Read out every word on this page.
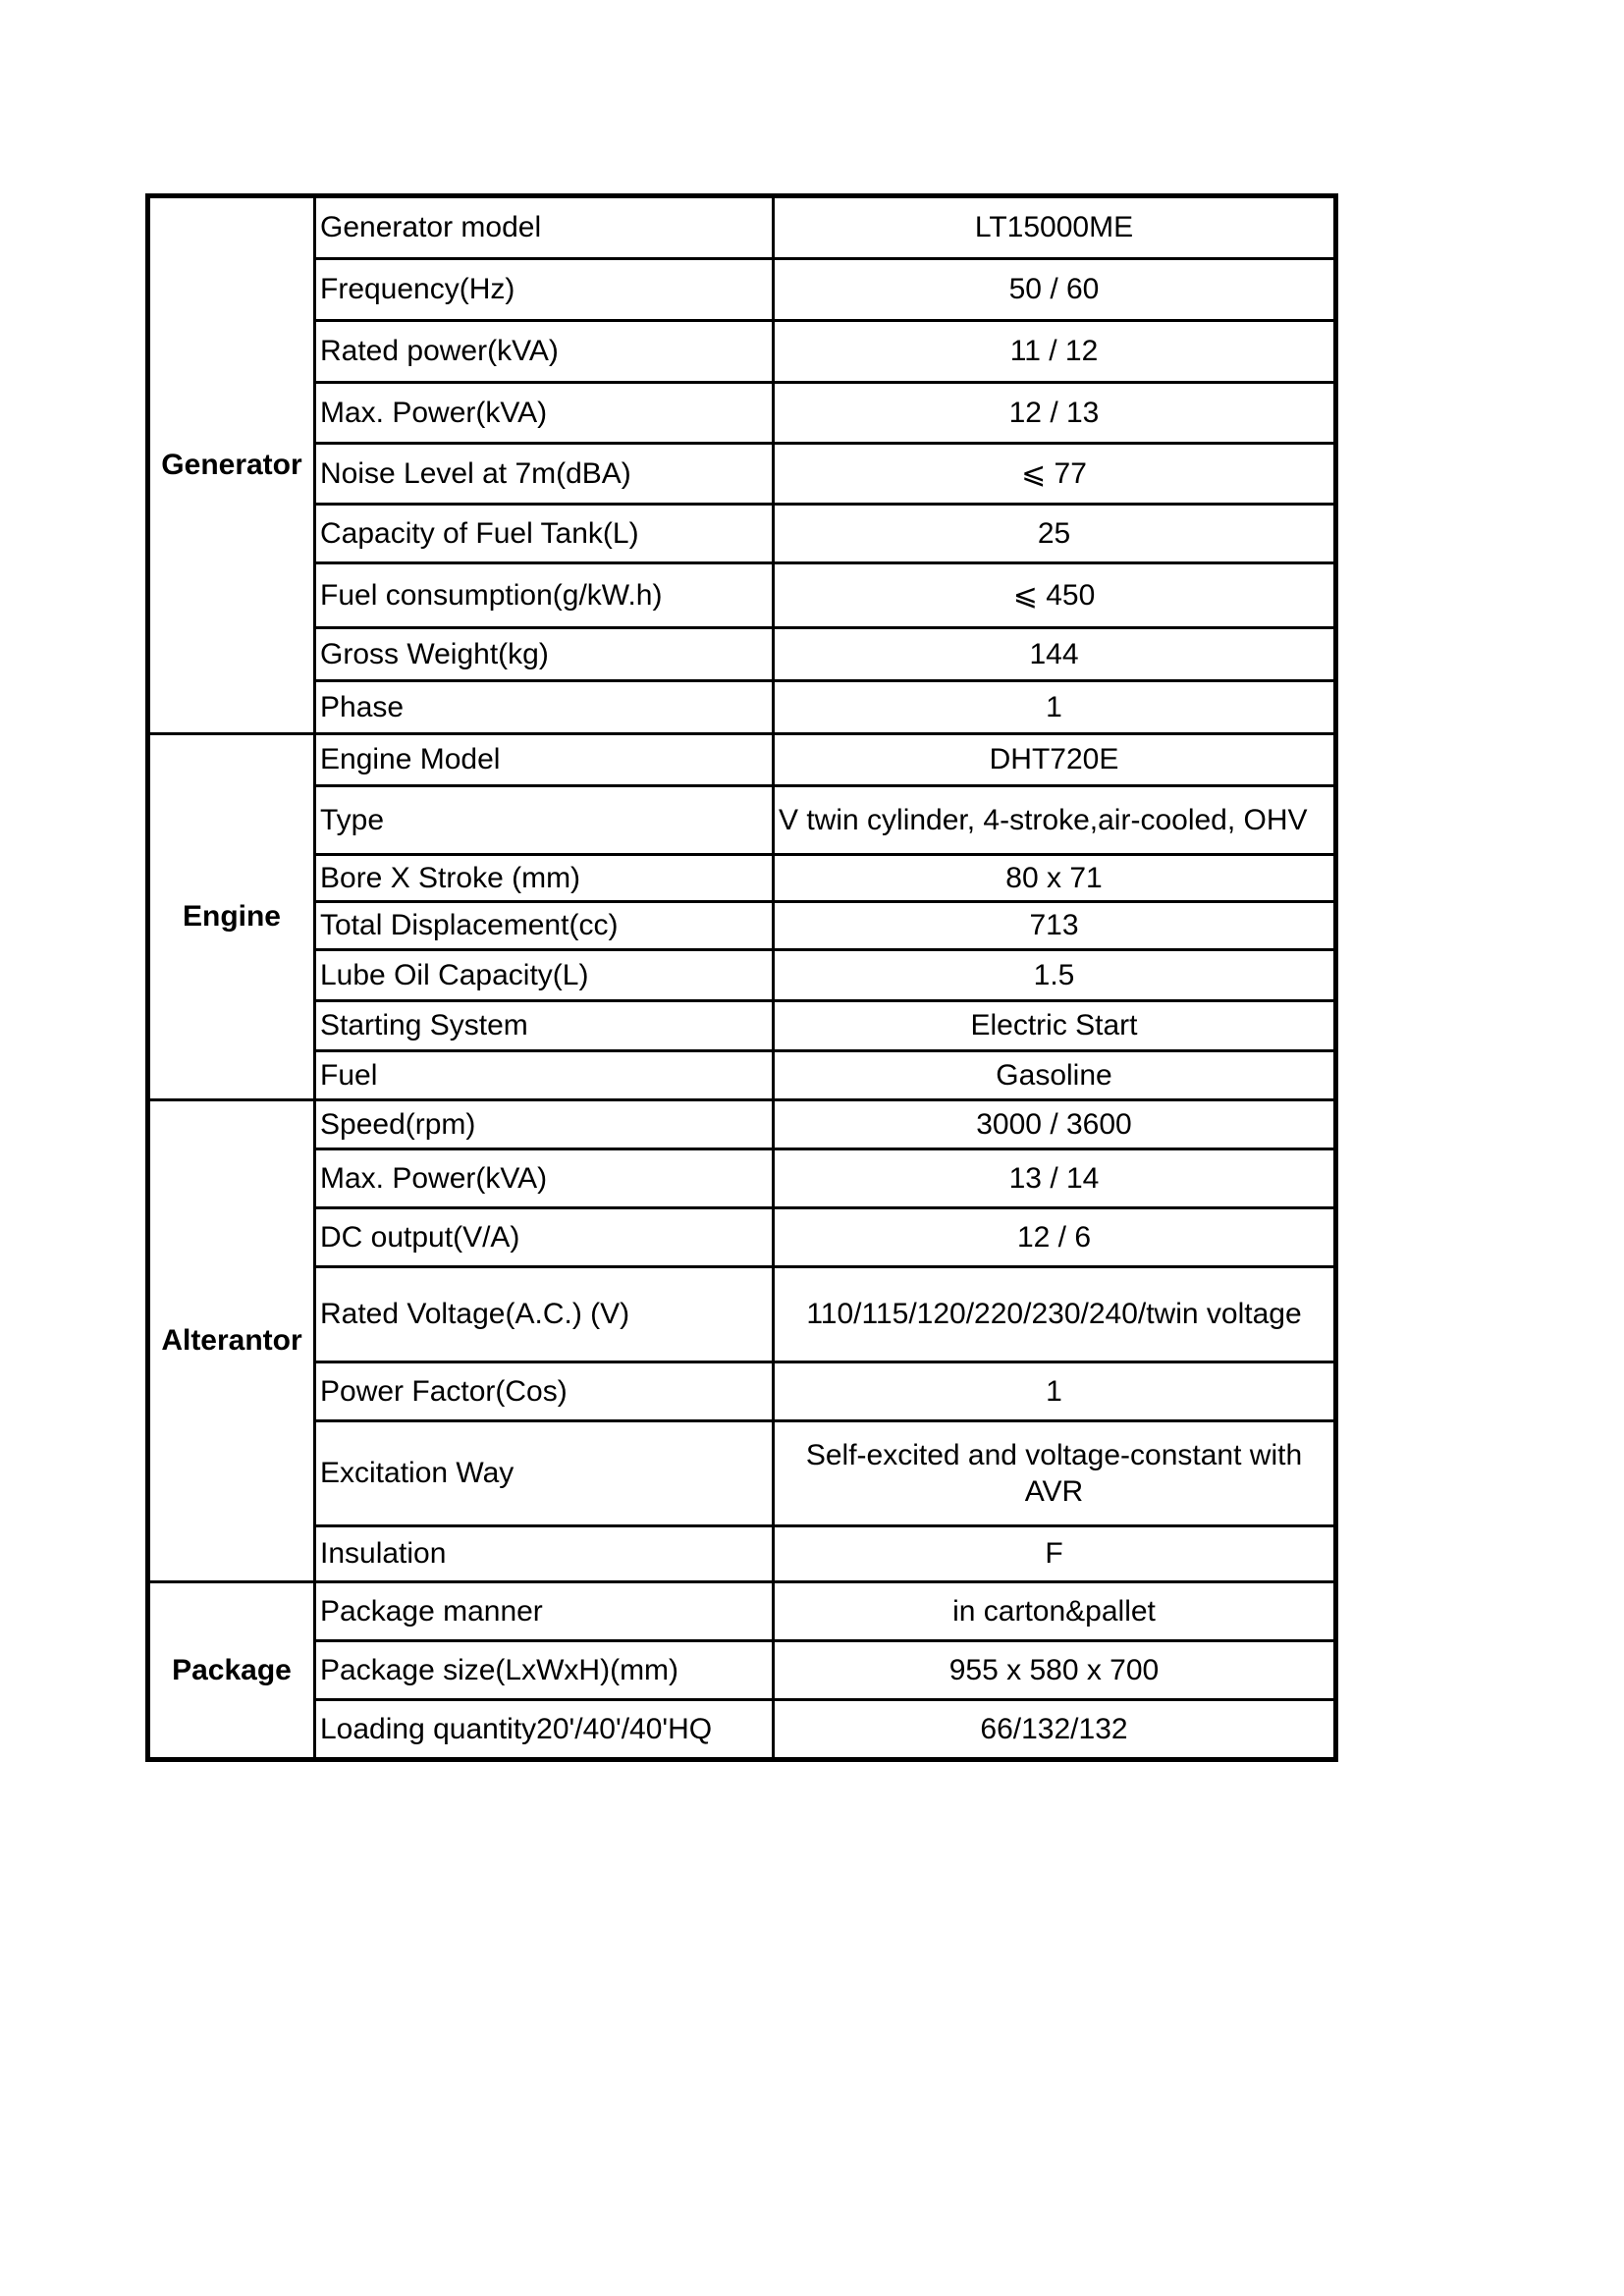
Generator	Generator model	LT15000ME
	Frequency(Hz)	50 / 60
	Rated power(kVA)	11 / 12
	Max. Power(kVA)	12 / 13
	Noise Level at 7m(dBA)	⩽ 77
	Capacity of Fuel Tank(L)	25
	Fuel consumption(g/kW.h)	⩽ 450
	Gross Weight(kg)	144
	Phase	1
Engine	Engine Model	DHT720E
	Type	V twin cylinder, 4-stroke,air-cooled, OHV
	Bore X Stroke (mm)	80 x 71
	Total Displacement(cc)	713
	Lube Oil Capacity(L)	1.5
	Starting System	Electric Start
	Fuel	Gasoline
Alterantor	Speed(rpm)	3000 / 3600
	Max. Power(kVA)	13 / 14
	DC output(V/A)	12 / 6
	Rated Voltage(A.C.) (V)	110/115/120/220/230/240/twin voltage
	Power Factor(Cos)	1
	Excitation Way	Self-excited and voltage-constant with AVR
	Insulation	F
Package	Package manner	in carton&pallet
	Package size(LxWxH)(mm)	955 x 580 x 700
	Loading quantity20'/40'/40'HQ	66/132/132
